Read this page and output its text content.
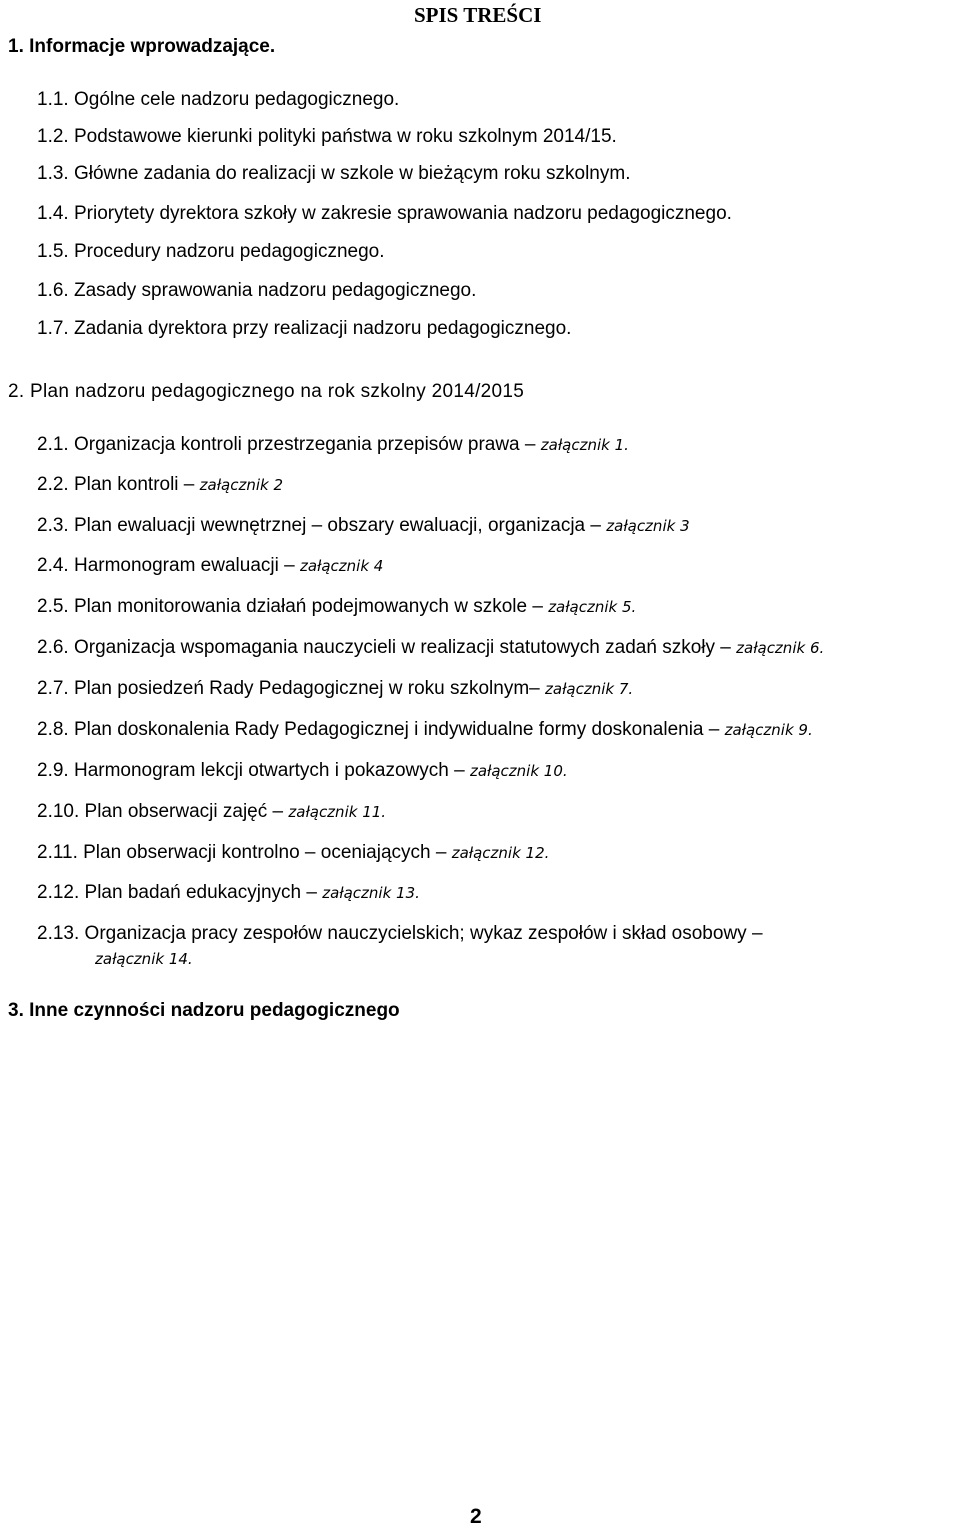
SPIS TREŚCI
1. Informacje wprowadzające.
1.1. Ogólne cele nadzoru pedagogicznego.
1.2. Podstawowe kierunki polityki państwa w roku szkolnym 2014/15.
1.3. Główne zadania do realizacji w szkole w bieżącym roku szkolnym.
1.4. Priorytety dyrektora szkoły w zakresie sprawowania nadzoru pedagogicznego.
1.5. Procedury nadzoru pedagogicznego.
1.6. Zasady sprawowania nadzoru pedagogicznego.
1.7. Zadania dyrektora przy realizacji nadzoru pedagogicznego.
2. Plan nadzoru pedagogicznego na rok szkolny 2014/2015
2.1. Organizacja kontroli przestrzegania przepisów prawa – załącznik 1.
2.2. Plan kontroli – załącznik 2
2.3. Plan ewaluacji wewnętrznej – obszary ewaluacji, organizacja – załącznik 3
2.4. Harmonogram ewaluacji – załącznik 4
2.5. Plan monitorowania działań podejmowanych w szkole – załącznik 5.
2.6. Organizacja wspomagania nauczycieli w realizacji statutowych zadań szkoły – załącznik 6.
2.7. Plan posiedzeń Rady Pedagogicznej w roku szkolnym– załącznik 7.
2.8. Plan doskonalenia Rady Pedagogicznej i indywidualne formy doskonalenia – załącznik 9.
2.9. Harmonogram lekcji otwartych i pokazowych – załącznik 10.
2.10. Plan obserwacji zajęć – załącznik 11.
2.11. Plan obserwacji kontrolno – oceniających – załącznik 12.
2.12. Plan badań edukacyjnych – załącznik 13.
2.13. Organizacja pracy zespołów nauczycielskich; wykaz zespołów i skład osobowy –
załącznik 14.
3. Inne czynności nadzoru pedagogicznego
2
